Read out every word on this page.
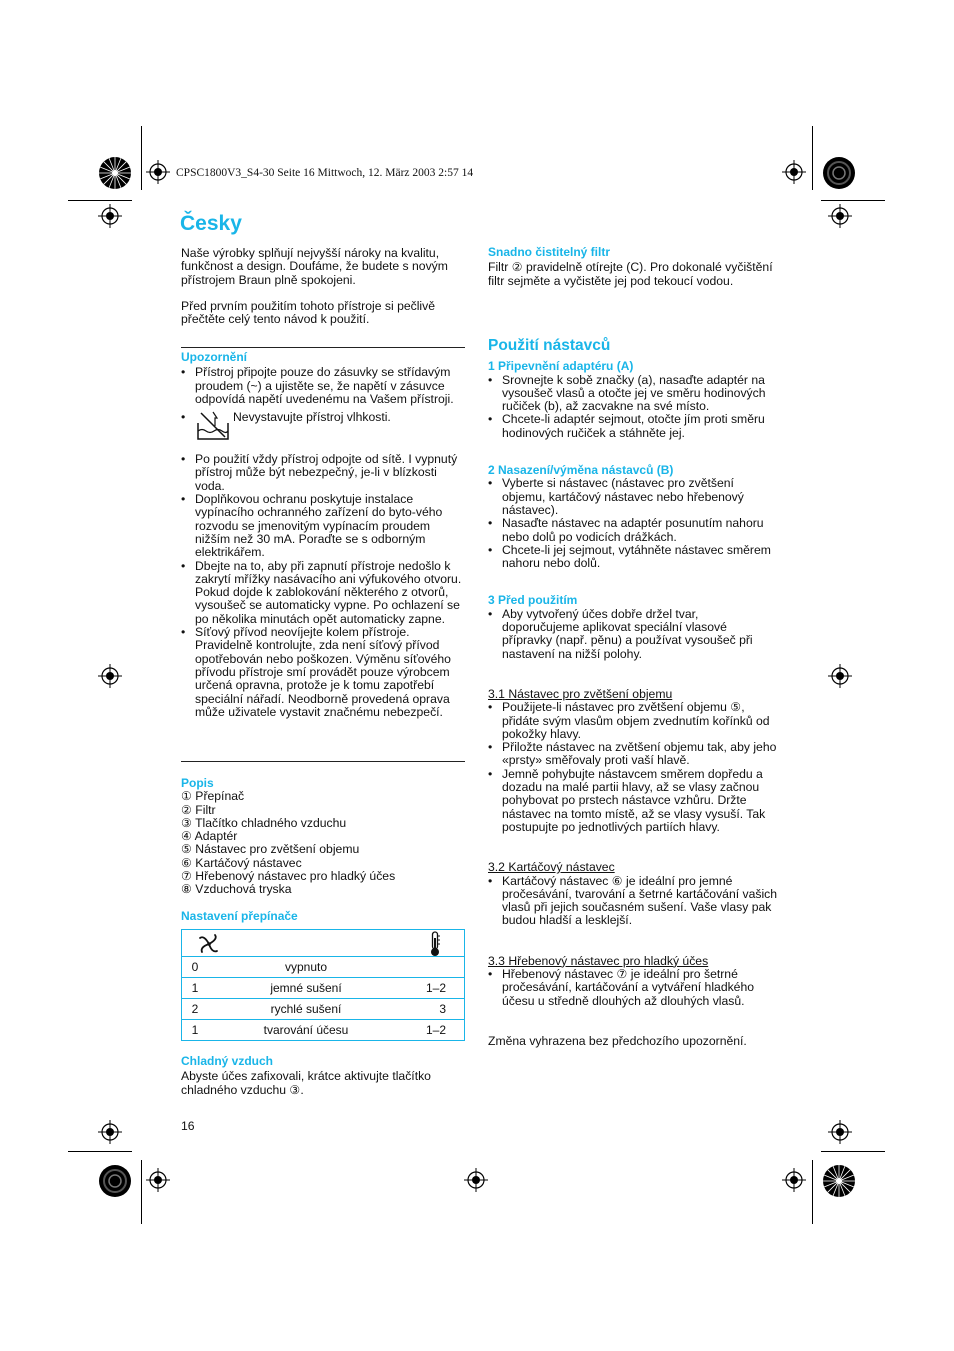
CPSC1800V3_S4-30 Seite 16 Mittwoch, 12. März 2003 2:57 14
Česky

Naše výrobky splňují nejvyšší nároky na kvalitu, funkčnost a design. Doufáme, že budete s novým přístrojem Braun plně spokojeni.

Před prvním použitím tohoto přístroje si pečlivě přečtěte celý tento návod k použití.

Upozornění

• Přístroj připojte pouze do zásuvky se střídavým proudem (~) a ujistěte se, že napětí v zásuvce odpovídá napětí uvedenému na Vašem přístroji.

•	Nevystavujte přístroj vlhkosti.

• Po použití vždy přístroj odpojte od sítě. I vypnutý přístroj může být nebezpečný, je-li v blízkosti voda.

• Doplňkovou ochranu poskytuje instalace vypínacího ochranného zařízení do byto-vého rozvodu se jmenovitým vypínacím proudem nižším než 30 mA. Poraďte se s odborným elektrikářem.

• Dbejte na to, aby při zapnutí přístroje nedošlo k zakrytí mřížky nasávacího ani výfukového otvoru. Pokud dojde k zablokování některého z otvorů, vysoušeč se automaticky vypne. Po ochlazení se po několika minutách opět automaticky zapne.

• Síťový přívod neovíjejte kolem přístroje. Pravidelně kontrolujte, zda není síťový přívod opotřebován nebo poškozen. Výměnu síťového přívodu přístroje smí provádět pouze výrobcem určená opravna, protože je k tomu zapotřebí speciální nářadí. Neodborně provedená oprava může uživatele vystavit značnému nebezpečí.

Popis

① Přepínač

② Filtr

③ Tlačítko chladného vzduchu

④ Adaptér

⑤ Nástavec pro zvětšení objemu

⑥ Kartáčový nástavec

⑦ Hřebenový nástavec pro hladký účes

⑧ Vzduchová tryska

Nastavení přepínače

0	vypnuto	
1	jemné sušení	1–2
2	rychlé sušení	3
1	tvarování účesu	1–2

Chladný vzduch

Abyste účes zafixovali, krátce aktivujte tlačítko chladného vzduchu ③.

16

Snadno čistitelný filtr

Filtr ② pravidelně otírejte (C). Pro dokonalé vyčištění filtr sejměte a vyčistěte jej pod tekoucí vodou.

Použití nástavců

1 Připevnění adaptéru (A)

• Srovnejte k sobě značky (a), nasaďte adaptér na vysoušeč vlasů a otočte jej ve směru hodinových ručiček (b), až zacvakne na své místo.

• Chcete-li adaptér sejmout, otočte jím proti směru hodinových ručiček a stáhněte jej.

2 Nasazení/výměna nástavců (B)

• Vyberte si nástavec (nástavec pro zvětšení objemu, kartáčový nástavec nebo hřebenový nástavec).

• Nasaďte nástavec na adaptér posunutím nahoru nebo dolů po vodicích drážkách.

• Chcete-li jej sejmout, vytáhněte nástavec směrem nahoru nebo dolů.

3 Před použitím

• Aby vytvořený účes dobře držel tvar, doporučujeme aplikovat speciální vlasové přípravky (např. pěnu) a používat vysoušeč při nastavení na nižší polohy.

3.1 Nástavec pro zvětšení objemu

• Použijete-li nástavec pro zvětšení objemu ⑤, přidáte svým vlasům objem zvednutím kořínků od pokožky hlavy.

• Přiložte nástavec na zvětšení objemu tak, aby jeho «prsty» směřovaly proti vaší hlavě.

• Jemně pohybujte nástavcem směrem dopředu a dozadu na malé partii hlavy, až se vlasy začnou pohybovat po prstech nástavce vzhůru. Držte nástavec na tomto místě, až se vlasy vysuší. Tak postupujte po jednotlivých partiích hlavy.

3.2 Kartáčový nástavec

• Kartáčový nástavec ⑥ je ideální pro jemné pročesávání, tvarování a šetrné kartáčování vašich vlasů při jejich současném sušení. Vaše vlasy pak budou hladší a lesklejší.

3.3 Hřebenový nástavec pro hladký účes

• Hřebenový nástavec ⑦ je ideální pro šetrné pročesávání, kartáčování a vytváření hladkého účesu u středně dlouhých až dlouhých vlasů.

Změna vyhrazena bez předchozího upozornění.
